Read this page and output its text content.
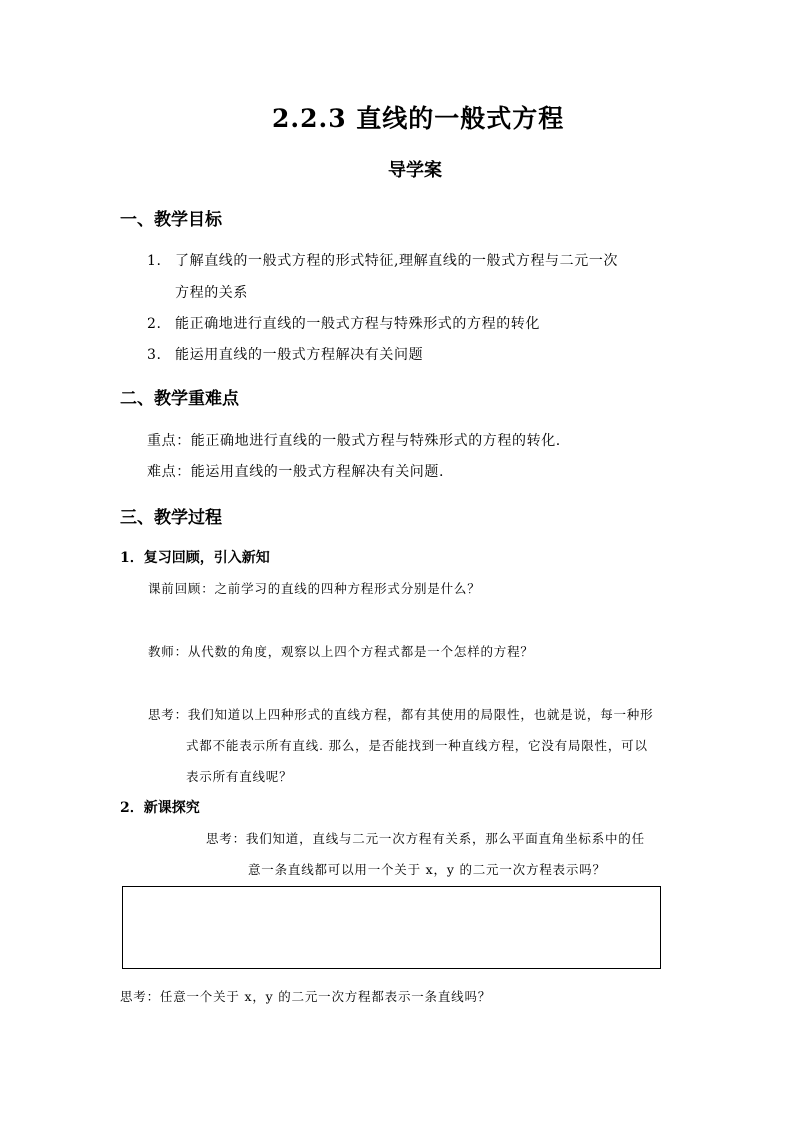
2.2.3 直线的一般式方程
导学案
一、教学目标
1. 了解直线的一般式方程的形式特征,理解直线的一般式方程与二元一次
方程的关系
2. 能正确地进行直线的一般式方程与特殊形式的方程的转化
3. 能运用直线的一般式方程解决有关问题
二、教学重难点
重点：能正确地进行直线的一般式方程与特殊形式的方程的转化.
难点：能运用直线的一般式方程解决有关问题.
三、教学过程
1．复习回顾，引入新知
课前回顾：之前学习的直线的四种方程形式分别是什么？
教师：从代数的角度，观察以上四个方程式都是一个怎样的方程？
思考：我们知道以上四种形式的直线方程，都有其使用的局限性，也就是说，每一种形
式都不能表示所有直线. 那么，是否能找到一种直线方程，它没有局限性，可以
表示所有直线呢？
2．新课探究
思考：我们知道，直线与二元一次方程有关系，那么平面直角坐标系中的任
意一条直线都可以用一个关于 x，y 的二元一次方程表示吗？
思考：任意一个关于 x，y 的二元一次方程都表示一条直线吗？
